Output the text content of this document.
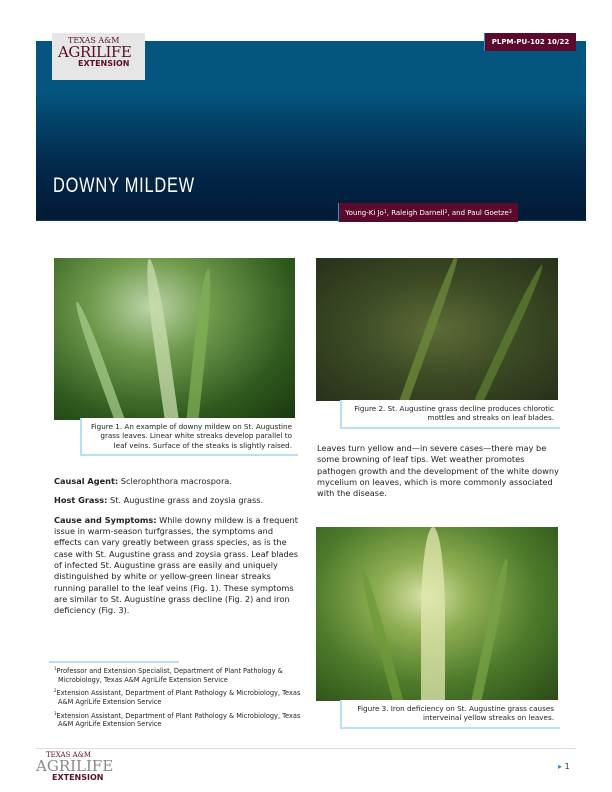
TEXAS A&M
AGRILIFE
EXTENSION
PLPM-PU-102 10/22
DOWNY MILDEW
Young-Ki Jo 1 , Raleigh Darnell 2 , and Paul Goetze 3
Figure 1. An example of downy mildew on St. Augustine grass leaves. Linear white streaks develop parallel to leaf veins. Surface of the steaks is slightly raised.
Figure 2. St. Augustine grass decline produces chlorotic mottles and streaks on leaf blades.
Figure 3. Iron deficiency on St. Augustine grass causes interveinal yellow streaks on leaves.

Causal Agent: Sclerophthora macrospora.

Host Grass: St. Augustine grass and zoysia grass.

Cause and Symptoms: While downy mildew is a frequent issue in warm-season turfgrasses, the symptoms and effects can vary greatly between grass species, as is the case with St. Augustine grass and zoysia grass. Leaf blades of infected St. Augustine grass are easily and uniquely distinguished by white or yellow-green linear streaks running parallel to the leaf veins (Fig. 1). These symptoms are similar to St. Augustine grass decline (Fig. 2) and iron deficiency (Fig. 3).

Leaves turn yellow and—in severe cases—there may be some browning of leaf tips. Wet weather promotes pathogen growth and the development of the white downy mycelium on leaves, which is more commonly associated with the disease.

$^1$Professor and Extension Specialist, Department of Plant Pathology & Microbiology, Texas A&M AgriLife Extension Service
$^2$Extension Assistant, Department of Plant Pathology & Microbiology, Texas A&M AgriLife Extension Service
$^3$Extension Assistant, Department of Plant Pathology & Microbiology, Texas A&M AgriLife Extension Service
TEXAS A&M
AGRILIFE
EXTENSION
▸ 1
